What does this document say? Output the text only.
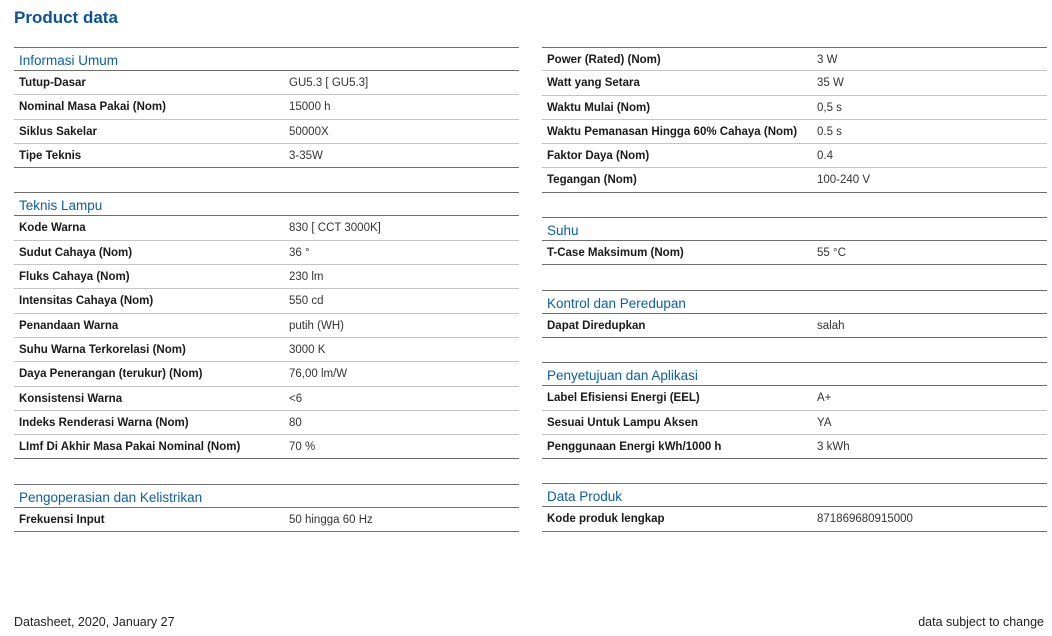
Product data
Informasi Umum
Tutup-Dasar	GU5.3 [ GU5.3]
Nominal Masa Pakai (Nom)	15000 h
Siklus Sakelar	50000X
Tipe Teknis	3-35W
Teknis Lampu
Kode Warna	830 [ CCT 3000K]
Sudut Cahaya (Nom)	36 °
Fluks Cahaya (Nom)	230 lm
Intensitas Cahaya (Nom)	550 cd
Penandaan Warna	putih (WH)
Suhu Warna Terkorelasi (Nom)	3000 K
Daya Penerangan (terukur) (Nom)	76,00 lm/W
Konsistensi Warna	<6
Indeks Renderasi Warna (Nom)	80
LImf Di Akhir Masa Pakai Nominal (Nom)	70 %
Pengoperasian dan Kelistrikan
Frekuensi Input	50 hingga 60 Hz
Power (Rated) (Nom)	3 W
Watt yang Setara	35 W
Waktu Mulai (Nom)	0,5 s
Waktu Pemanasan Hingga 60% Cahaya (Nom) 0.5 s
Faktor Daya (Nom)	0.4
Tegangan (Nom)	100-240 V
Suhu
T-Case Maksimum (Nom)	55 °C
Kontrol dan Peredupan
Dapat Diredupkan	salah
Penyetujuan dan Aplikasi
Label Efisiensi Energi (EEL)	A+
Sesuai Untuk Lampu Aksen	YA
Penggunaan Energi kWh/1000 h	3 kWh
Data Produk
Kode produk lengkap	871869680915000
Datasheet, 2020, January 27	data subject to change
